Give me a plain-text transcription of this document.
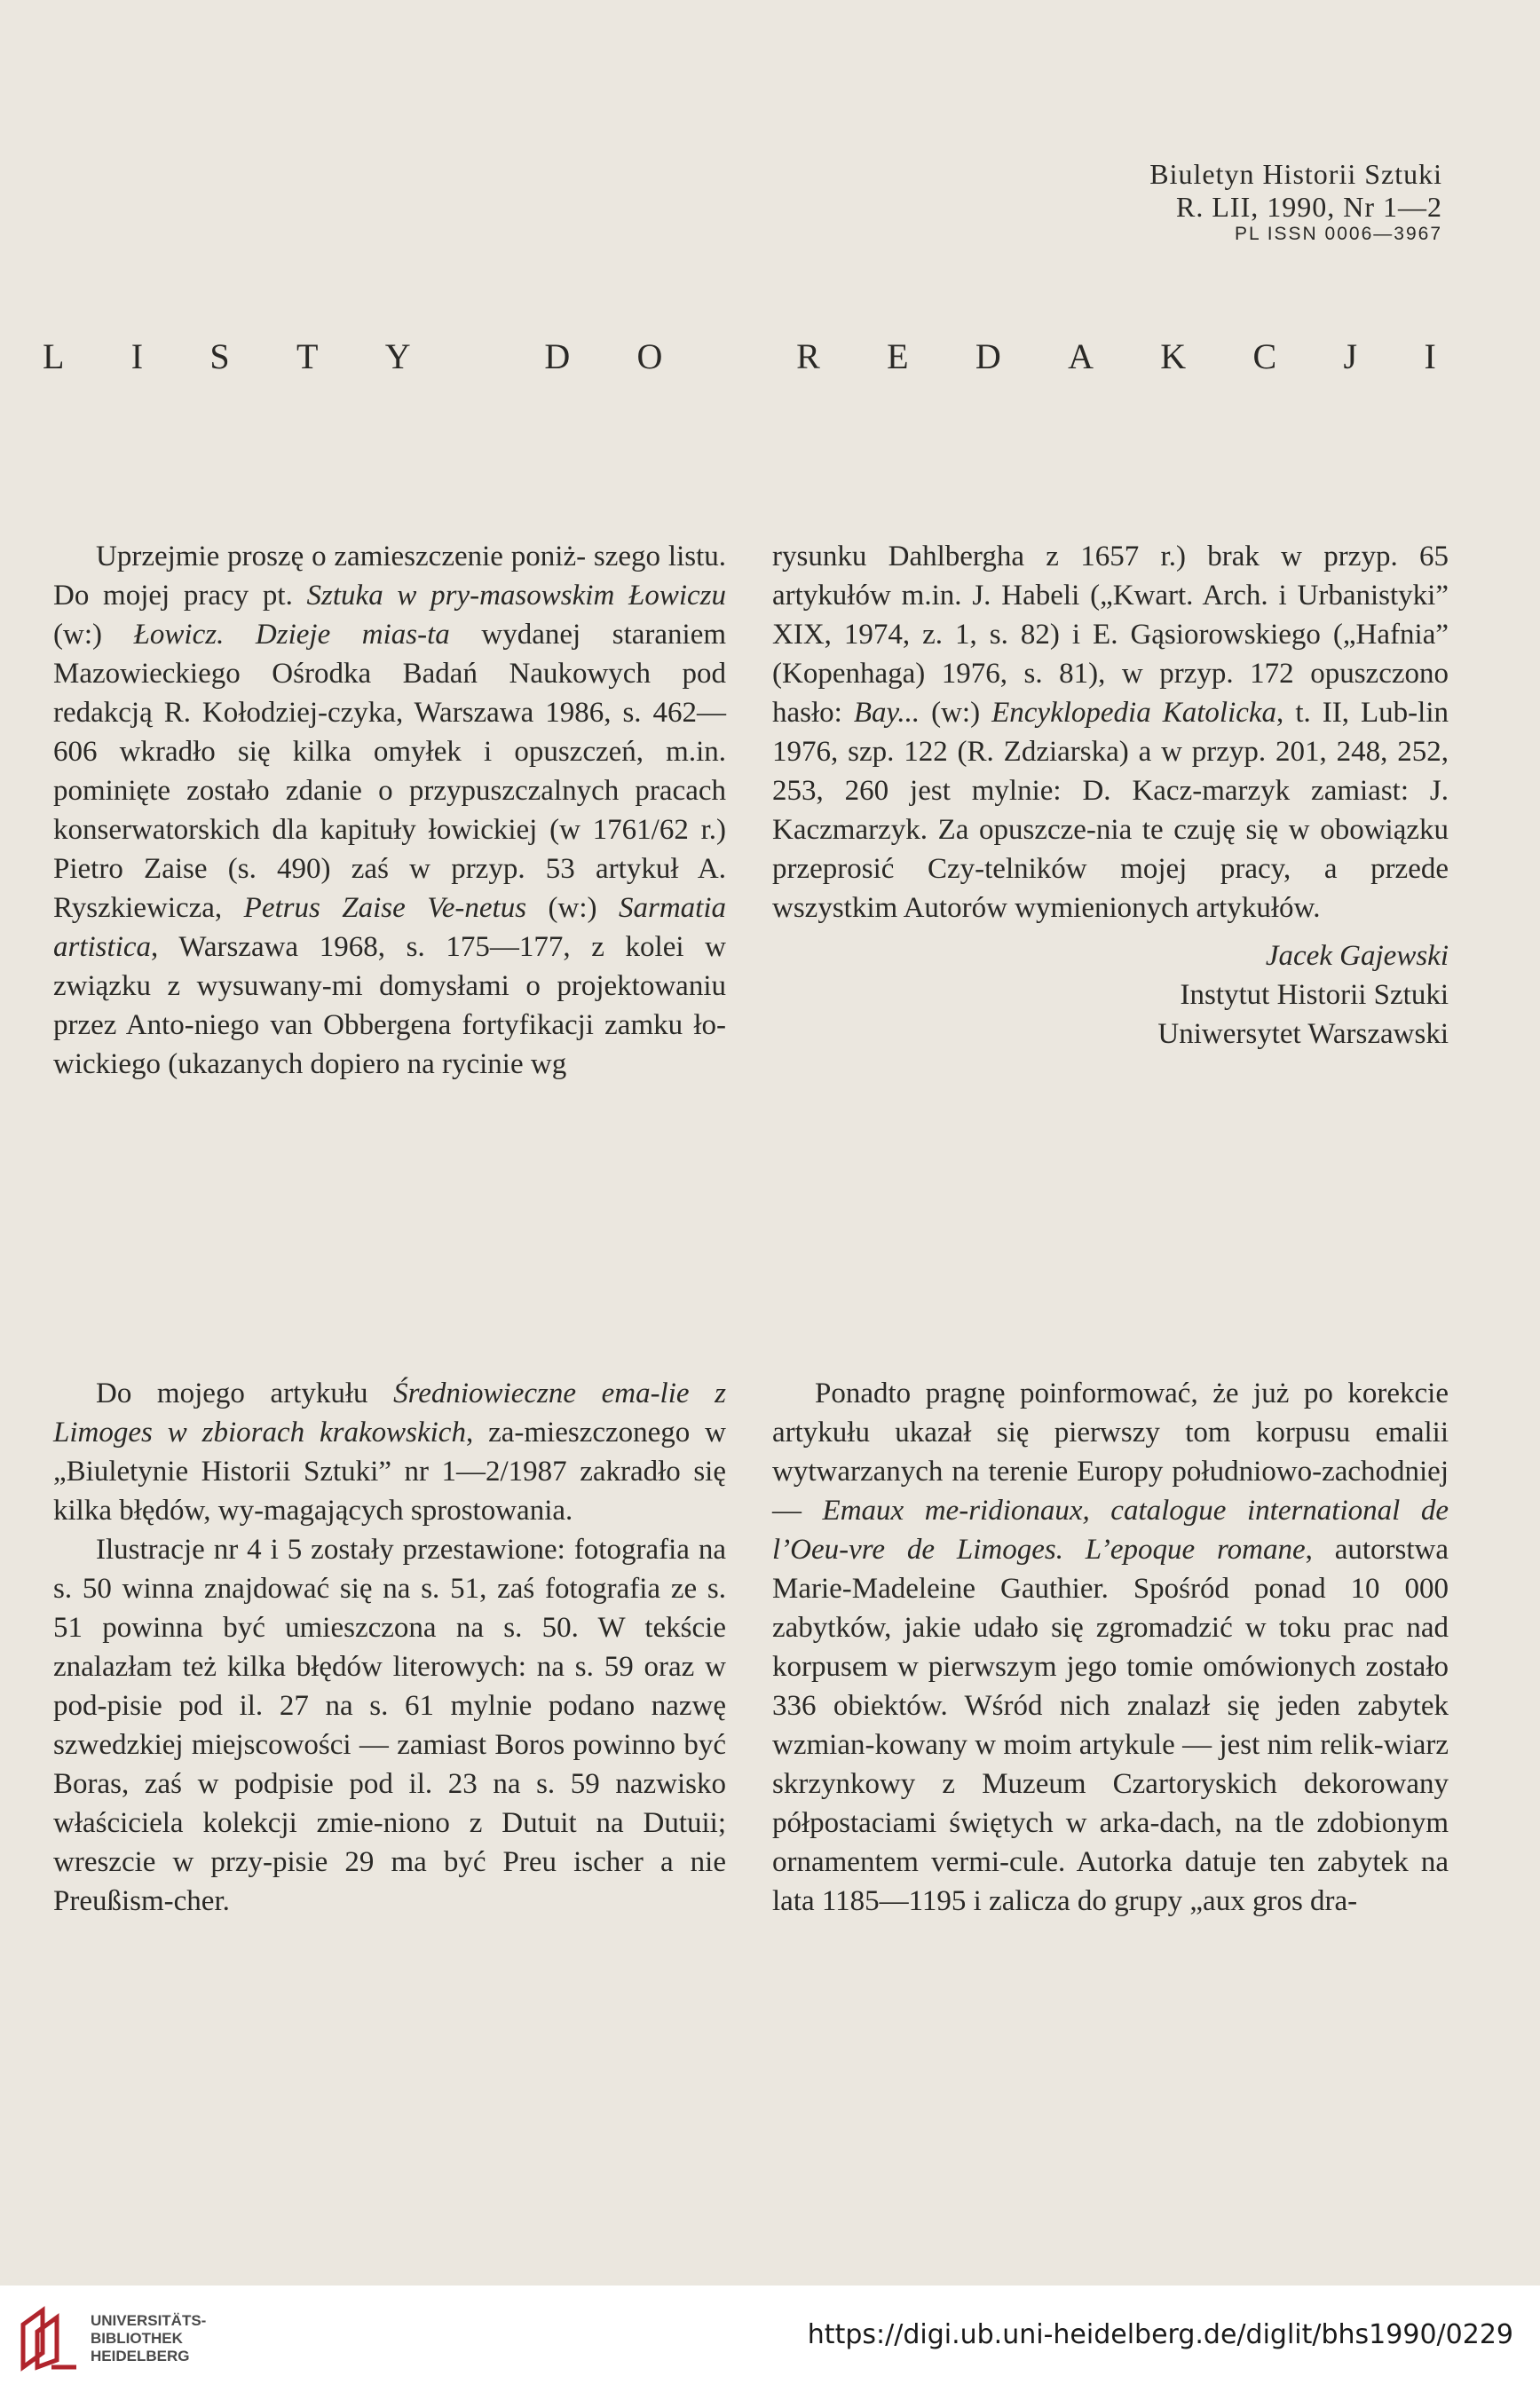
Biuletyn Historii Sztuki
R. LII, 1990, Nr 1—2
PL ISSN 0006—3967
L I S T Y	D O	R E D A K C J I

Uprzejmie proszę o zamieszczenie poniż- szego listu. Do mojej pracy pt. Sztuka w pry-masowskim Łowiczu (w:) Łowicz. Dzieje mias-ta wydanej staraniem Mazowieckiego Ośrodka Badań Naukowych pod redakcją R. Kołodziej-czyka, Warszawa 1986, s. 462—606 wkradło się kilka omyłek i opuszczeń, m.in. pominięte zostało zdanie o przypuszczalnych pracach konserwatorskich dla kapituły łowickiej (w 1761/62 r.) Pietro Zaise (s. 490) zaś w przyp. 53 artykuł A. Ryszkiewicza, Petrus Zaise Ve-netus (w:) Sarmatia artistica, Warszawa 1968, s. 175—177, z kolei w związku z wysuwany-mi domysłami o projektowaniu przez Anto-niego van Obbergena fortyfikacji zamku ło-wickiego (ukazanych dopiero na rycinie wg

rysunku Dahlbergha z 1657 r.) brak w przyp. 65 artykułów m.in. J. Habeli („Kwart. Arch. i Urbanistyki” XIX, 1974, z. 1, s. 82) i E. Gąsiorowskiego („Hafnia” (Kopenhaga) 1976, s. 81), w przyp. 172 opuszczono hasło: Bay... (w:) Encyklopedia Katolicka, t. II, Lub-lin 1976, szp. 122 (R. Zdziarska) a w przyp. 201, 248, 252, 253, 260 jest mylnie: D. Kacz-marzyk zamiast: J. Kaczmarzyk. Za opuszcze-nia te czuję się w obowiązku przeprosić Czy-telników mojej pracy, a przede wszystkim Autorów wymienionych artykułów.

Jacek Gajewski
Instytut Historii Sztuki
Uniwersytet Warszawski

Do mojego artykułu Średniowieczne ema-lie z Limoges w zbiorach krakowskich, za-mieszczonego w „Biuletynie Historii Sztuki” nr 1—2/1987 zakradło się kilka błędów, wy-magających sprostowania.

Ilustracje nr 4 i 5 zostały przestawione: fotografia na s. 50 winna znajdować się na s. 51, zaś fotografia ze s. 51 powinna być umieszczona na s. 50. W tekście znalazłam też kilka błędów literowych: na s. 59 oraz w pod-pisie pod il. 27 na s. 61 mylnie podano nazwę szwedzkiej miejscowości — zamiast Boros powinno być Boras, zaś w podpisie pod il. 23 na s. 59 nazwisko właściciela kolekcji zmie-niono z Dutuit na Dutuii; wreszcie w przy-pisie 29 ma być Preu ischer a nie Preußism-cher.

Ponadto pragnę poinformować, że już po korekcie artykułu ukazał się pierwszy tom korpusu emalii wytwarzanych na terenie Europy południowo-zachodniej — Emaux me-ridionaux, catalogue international de l’Oeu-vre de Limoges. L’epoque romane, autorstwa Marie-Madeleine Gauthier. Spośród ponad 10 000 zabytków, jakie udało się zgromadzić w toku prac nad korpusem w pierwszym jego tomie omówionych zostało 336 obiektów. Wśród nich znalazł się jeden zabytek wzmian-kowany w moim artykule — jest nim relik-wiarz skrzynkowy z Muzeum Czartoryskich dekorowany półpostaciami świętych w arka-dach, na tle zdobionym ornamentem vermi-cule. Autorka datuje ten zabytek na lata 1185—1195 i zalicza do grupy „aux gros dra-

UNIVERSITÄTS-
BIBLIOTHEK
HEIDELBERG
https://digi.ub.uni-heidelberg.de/diglit/bhs1990/0229
